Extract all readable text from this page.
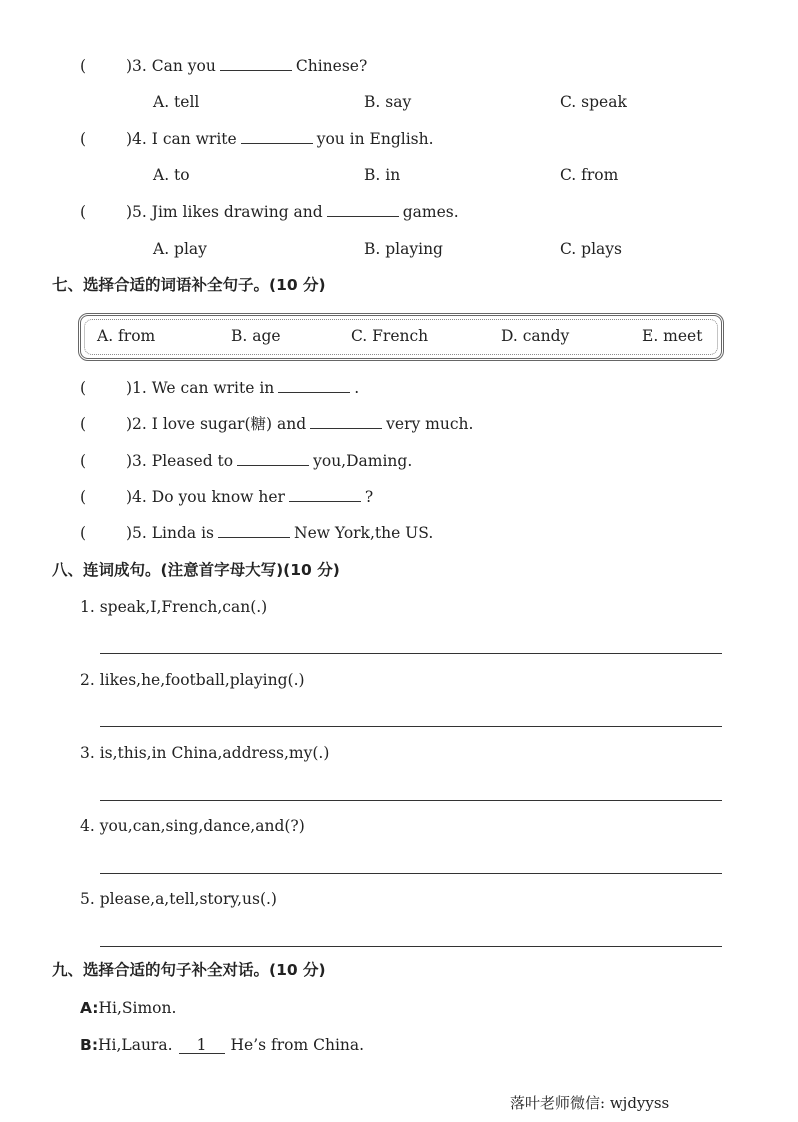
(	)3. Can you	Chinese?
A. tell	B. say	C. speak
(	)4. I can write	you in English.
A. to	B. in	C. from
(	)5. Jim likes drawing and	games.
A. play	B. playing	C. plays
七、选择合适的词语补全句子。(10 分)
A. from	B. age	C. French	D. candy	E. meet
(	)1. We can write in	.
(	)2. I love sugar(糖) and	very much.
(	)3. Pleased to	you,Daming.
(	)4. Do you know her	?
(	)5. Linda is	New York,the US.
八、连词成句。(注意首字母大写)(10 分)
1. speak,I,French,can(.)
2. likes,he,football,playing(.)
3. is,this,in China,address,my(.)
4. you,can,sing,dance,and(?)
5. please,a,tell,story,us(.)
九、选择合适的句子补全对话。(10 分)
A:Hi,Simon.
B:Hi,Laura. 1 He’s from China.
落叶老师微信: wjdyyss
